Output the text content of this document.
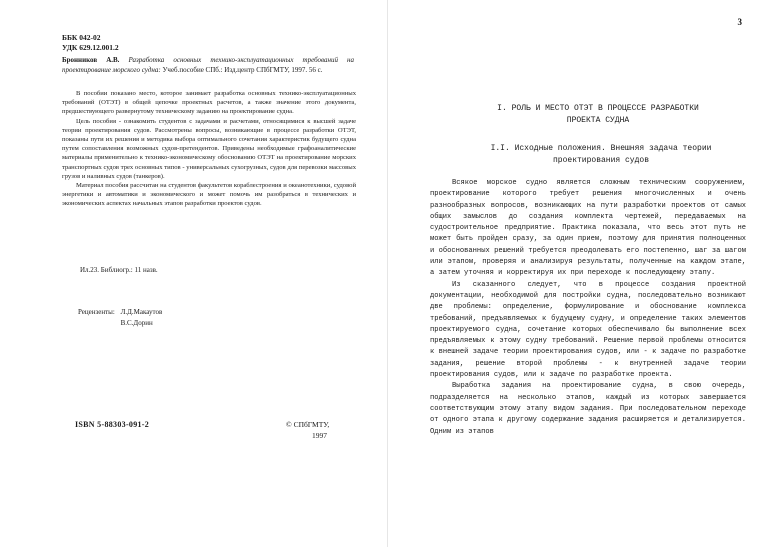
ББК 042-02
УДК 629.12.001.2
Бронников А.В. Разработка основных технико-эксплуатационных требований на проектирование морского судна: Учеб.пособие СПб.: Изд.центр СПбГМТУ, 1997. 56 с.

В пособии показано место, которое занимает разработка основных технико-эксплуатационных требований (ОТЭТ) в общей цепочке проектных расчетов, а также значение этого документа, предшествующего развернутому техническому заданию на проектирование судна.

Цель пособия - ознакомить студентов с задачами и расчетами, относящимися к высшей задаче теории проектирования судов. Рассмотрены вопросы, возникающие в процессе разработки ОТЭТ, показаны пути их решения и методика выбора оптимального сочетания характеристик будущего судна путем сопоставления возможных судов-претендентов. Приведены необходимые графоаналитические материалы применительно к технико-экономическому обоснованию ОТЭТ на проектирование морских транспортных судов трех основных типов - универсальных сухогрузных, судов для перевозки массовых грузов и наливных судов (танкеров).

Материал пособия рассчитан на студентов факультетов кораблестроения и океанотехники, судовой энергетики и автоматики и экономического и может помочь им разобраться в технических и экономических аспектах начальных этапов разработки проектов судов.

Ил.23. Библиогр.: 11 назв.
Рецензенты: Л.Д.Макаутов
В.С.Дорин
ISBN 5-88303-091-2	© СПбГМТУ,
1997
3
I. РОЛЬ И МЕСТО ОТЭТ В ПРОЦЕССЕ РАЗРАБОТКИ ПРОЕКТА СУДНА
I.I. Исходные положения. Внешняя задача теории проектирования судов

Всякое морское судно является сложным техническим сооружением, проектирование которого требует решения многочисленных и очень разнообразных вопросов, возникающих на пути разработки проектов от самых общих замыслов до создания комплекта чертежей, передаваемых на судостроительное предприятие. Практика показала, что весь этот путь не может быть пройден сразу, за один прием, поэтому для принятия полноценных и обоснованных решений требуется преодолевать его постепенно, шаг за шагом или этапом, проверяя и анализируя результаты, полученные на каждом этапе, а затем уточняя и корректируя их при переходе к последующему этапу.

Из сказанного следует, что в процессе создания проектной документации, необходимой для постройки судна, последовательно возникают две проблемы: определение, формулирование и обоснование комплекса требований, предъявляемых к будущему судну, и определение таких элементов проектируемого судна, сочетание которых обеспечивало бы выполнение всех предъявляемых к этому судну требований. Решение первой проблемы относится к внешней задаче теории проектирования судов, или - к задаче по разработке задания, решение второй проблемы - к внутренней задаче теории проектирования судов, или к задаче по разработке проекта.

Выработка задания на проектирование судна, в свою очередь, подразделяется на несколько этапов, каждый из которых завершается соответствующим этому этапу видом задания. При последовательном переходе от одного этапа к другому содержание задания расширяется и детализируется. Одним из этапов
